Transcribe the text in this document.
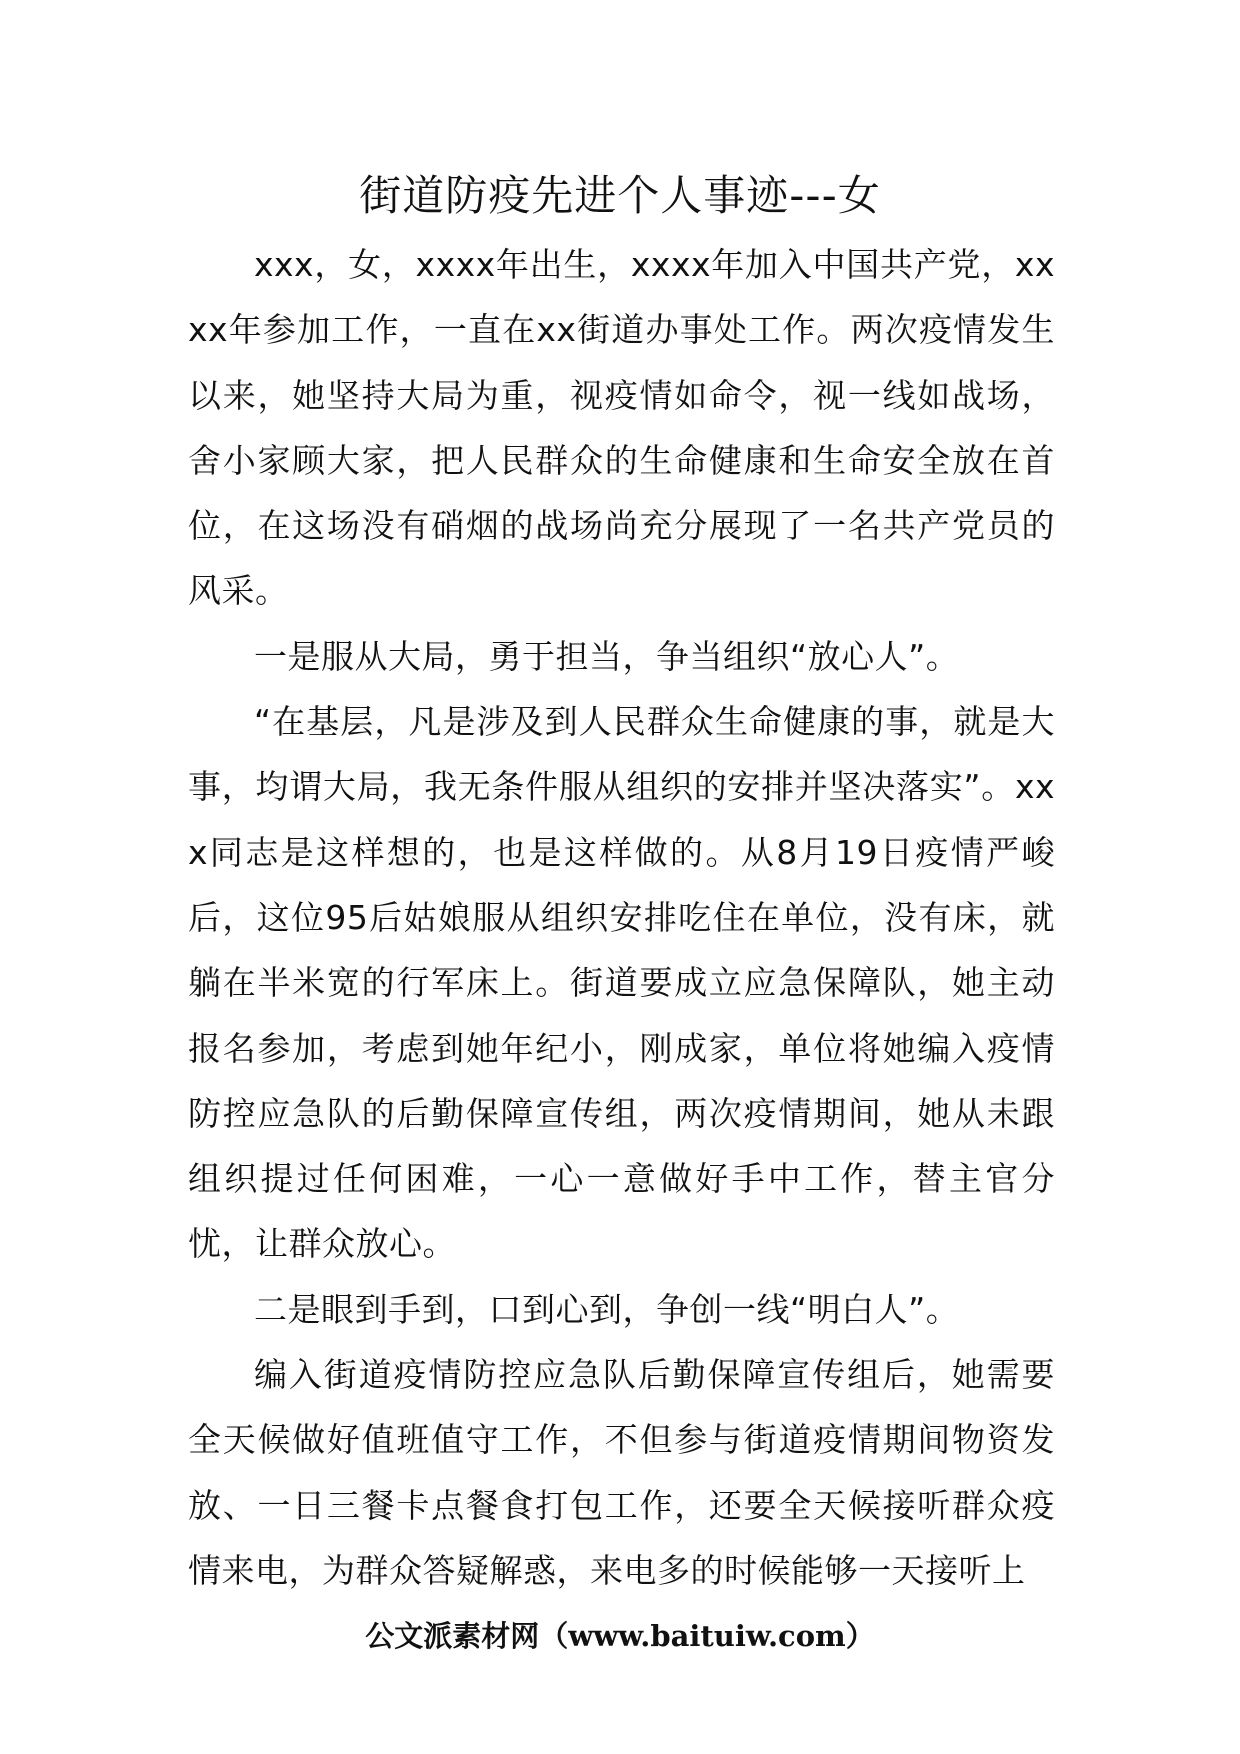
街道防疫先进个人事迹---女

xxx，女，xxxx年出生，xxxx年加入中国共产党，xxxx年参加工作，一直在xx街道办事处工作。两次疫情发生以来，她坚持大局为重，视疫情如命令，视一线如战场，舍小家顾大家，把人民群众的生命健康和生命安全放在首位，在这场没有硝烟的战场尚充分展现了一名共产党员的风采。

一是服从大局，勇于担当，争当组织“放心人”。

“在基层，凡是涉及到人民群众生命健康的事，就是大事，均谓大局，我无条件服从组织的安排并坚决落实”。xxx同志是这样想的，也是这样做的。从8月19日疫情严峻后，这位95后姑娘服从组织安排吃住在单位，没有床，就躺在半米宽的行军床上。街道要成立应急保障队，她主动报名参加，考虑到她年纪小，刚成家，单位将她编入疫情防控应急队的后勤保障宣传组，两次疫情期间，她从未跟组织提过任何困难，一心一意做好手中工作，替主官分忧，让群众放心。

二是眼到手到，口到心到，争创一线“明白人”。

编入街道疫情防控应急队后勤保障宣传组后，她需要全天候做好值班值守工作，不但参与街道疫情期间物资发放、一日三餐卡点餐食打包工作，还要全天候接听群众疫情来电，为群众答疑解惑，来电多的时候能够一天接听上

公文派素材网（www.baituiw.com）
